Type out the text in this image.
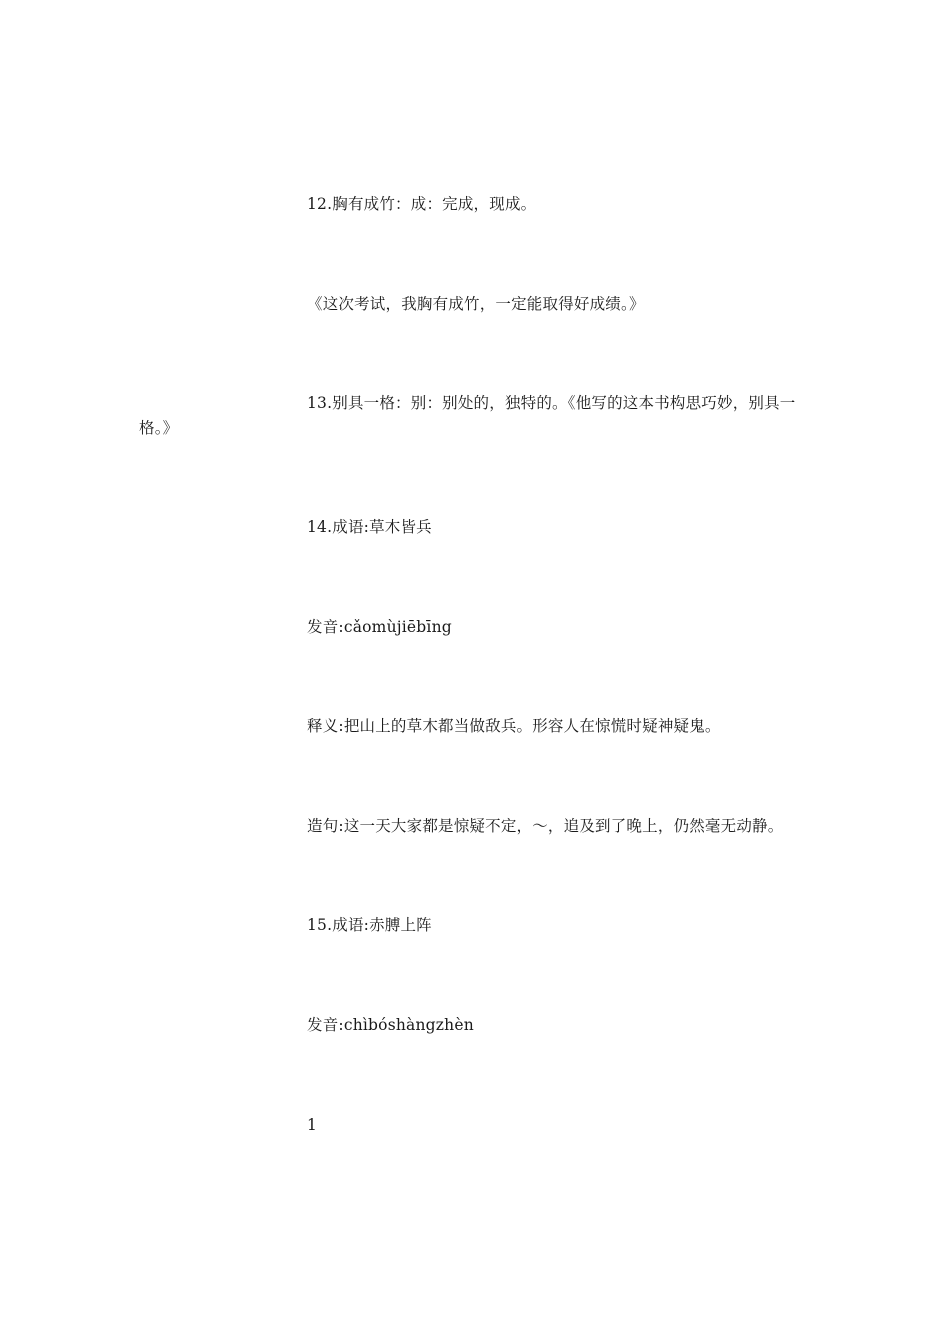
12.胸有成竹：成：完成，现成。
《这次考试，我胸有成竹，一定能取得好成绩。》
13.别具一格：别：别处的，独特的。《他写的这本书构思巧妙，别具一格。》
14.成语:草木皆兵
发音:cǎomùjiēbīng
释义:把山上的草木都当做敌兵。形容人在惊慌时疑神疑鬼。
造句:这一天大家都是惊疑不定，～，追及到了晚上，仍然毫无动静。
15.成语:赤膊上阵
发音:chìbóshàngzhèn
1
